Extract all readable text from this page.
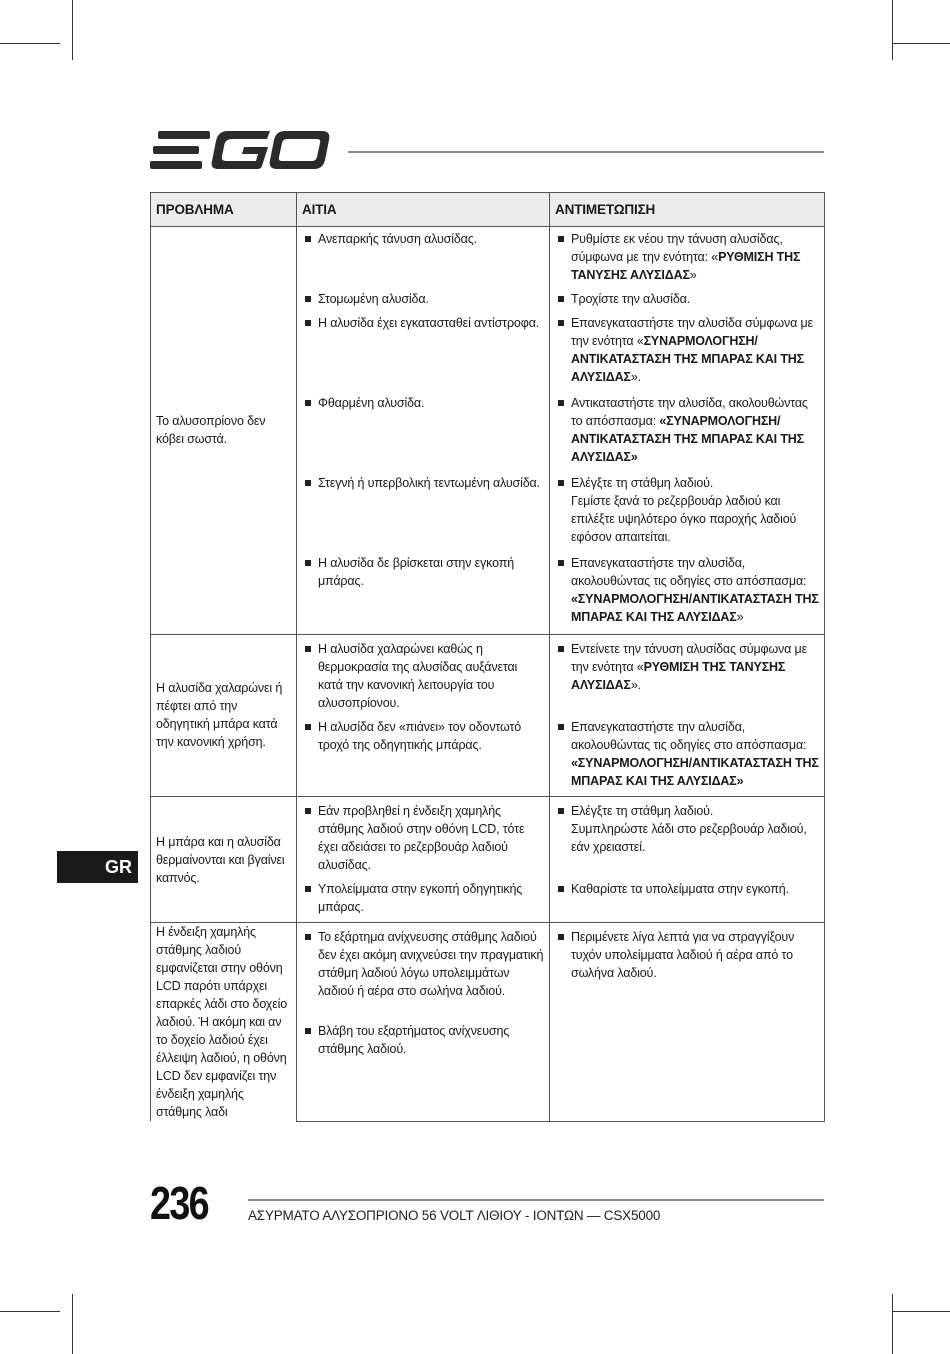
ΠΡΟΒΛΗΜΑ	ΑΙΤΙΑ	ΑΝΤΙΜΕΤΩΠΙΣΗ
Το αλυσοπρίονο δεν κόβει σωστά.	Ανεπαρκής τάνυση αλυσίδας.	Ρυθμίστε εκ νέου την τάνυση αλυσίδας, σύμφωνα με την ενότητα: «ΡΥΘΜΙΣΗ ΤΗΣ ΤΑΝΥΣΗΣ ΑΛΥΣΙΔΑΣ»

	Στομωμένη αλυσίδα.	Τροχίστε την αλυσίδα.

	Η αλυσίδα έχει εγκατασταθεί αντίστροφα.	Επανεγκαταστήστε την αλυσίδα σύμφωνα με την ενότητα «ΣΥΝΑΡΜΟΛΟΓΗΣΗ/ ΑΝΤΙΚΑΤΑΣΤΑΣΗ ΤΗΣ ΜΠΑΡΑΣ ΚΑΙ ΤΗΣ ΑΛΥΣΙΔΑΣ».

	Φθαρμένη αλυσίδα.	Αντικαταστήστε την αλυσίδα, ακολουθώντας το απόσπασμα: «ΣΥΝΑΡΜΟΛΟΓΗΣΗ/ΑΝΤΙΚΑΤΑΣΤΑΣΗ ΤΗΣ ΜΠΑΡΑΣ ΚΑΙ ΤΗΣ ΑΛΥΣΙΔΑΣ»

	Στεγνή ή υπερβολική τεντωμένη αλυσίδα.	Ελέγξτε τη στάθμη λαδιού.
Γεμίστε ξανά το ρεζερβουάρ λαδιού και επιλέξτε υψηλότερο όγκο παροχής λαδιού εφόσον απαιτείται.

	Η αλυσίδα δε βρίσκεται στην εγκοπή μπάρας.	Επανεγκαταστήστε την αλυσίδα, ακολουθώντας τις οδηγίες στο απόσπασμα: «ΣΥΝΑΡΜΟΛΟΓΗΣΗ/ΑΝΤΙΚΑΤΑΣΤΑΣΗ ΤΗΣ ΜΠΑΡΑΣ ΚΑΙ ΤΗΣ ΑΛΥΣΙΔΑΣ»

Η αλυσίδα χαλαρώνει ή πέφτει από την οδηγητική μπάρα κατά την κανονική χρήση.	Η αλυσίδα χαλαρώνει καθώς η θερμοκρασία της αλυσίδας αυξάνεται κατά την κανονική λειτουργία του αλυσοπρίονου.	Εντείνετε την τάνυση αλυσίδας σύμφωνα με την ενότητα «ΡΥΘΜΙΣΗ ΤΗΣ ΤΑΝΥΣΗΣ ΑΛΥΣΙΔΑΣ».

	Η αλυσίδα δεν «πιάνει» τον οδοντωτό τροχό της οδηγητικής μπάρας.	Επανεγκαταστήστε την αλυσίδα, ακολουθώντας τις οδηγίες στο απόσπασμα: «ΣΥΝΑΡΜΟΛΟΓΗΣΗ/ΑΝΤΙΚΑΤΑΣΤΑΣΗ ΤΗΣ ΜΠΑΡΑΣ ΚΑΙ ΤΗΣ ΑΛΥΣΙΔΑΣ»

Η μπάρα και η αλυσίδα θερμαίνονται και βγαίνει καπνός.	Εάν προβληθεί η ένδειξη χαμηλής στάθμης λαδιού στην οθόνη LCD, τότε έχει αδειάσει το ρεζερβουάρ λαδιού αλυσίδας.	Ελέγξτε τη στάθμη λαδιού.
Συμπληρώστε λάδι στο ρεζερβουάρ λαδιού, εάν χρειαστεί.

	Υπολείμματα στην εγκοπή οδηγητικής μπάρας.	Καθαρίστε τα υπολείμματα στην εγκοπή.

Η ένδειξη χαμηλής στάθμης λαδιού εμφανίζεται στην οθόνη LCD παρότι υπάρχει επαρκές λάδι στο δοχείο λαδιού. Ή ακόμη και αν το δοχείο λαδιού έχει έλλειψη λαδιού, η οθόνη LCD δεν εμφανίζει την ένδειξη χαμηλής στάθμης λαδι	Το εξάρτημα ανίχνευσης στάθμης λαδιού δεν έχει ακόμη ανιχνεύσει την πραγματική στάθμη λαδιού λόγω υπολειμμάτων λαδιού ή αέρα στο σωλήνα λαδιού.	Περιμένετε λίγα λεπτά για να στραγγίξουν τυχόν υπολείμματα λαδιού ή αέρα από το σωλήνα λαδιού.

	Βλάβη του εξαρτήματος ανίχνευσης στάθμης λαδιού.	

GR
236	ΑΣΥΡΜΑΤΟ ΑΛΥΣΟΠΡΙΟΝΟ 56 VOLT ΛΙΘΙΟΥ - ΙΟΝΤΩΝ — CSX5000
